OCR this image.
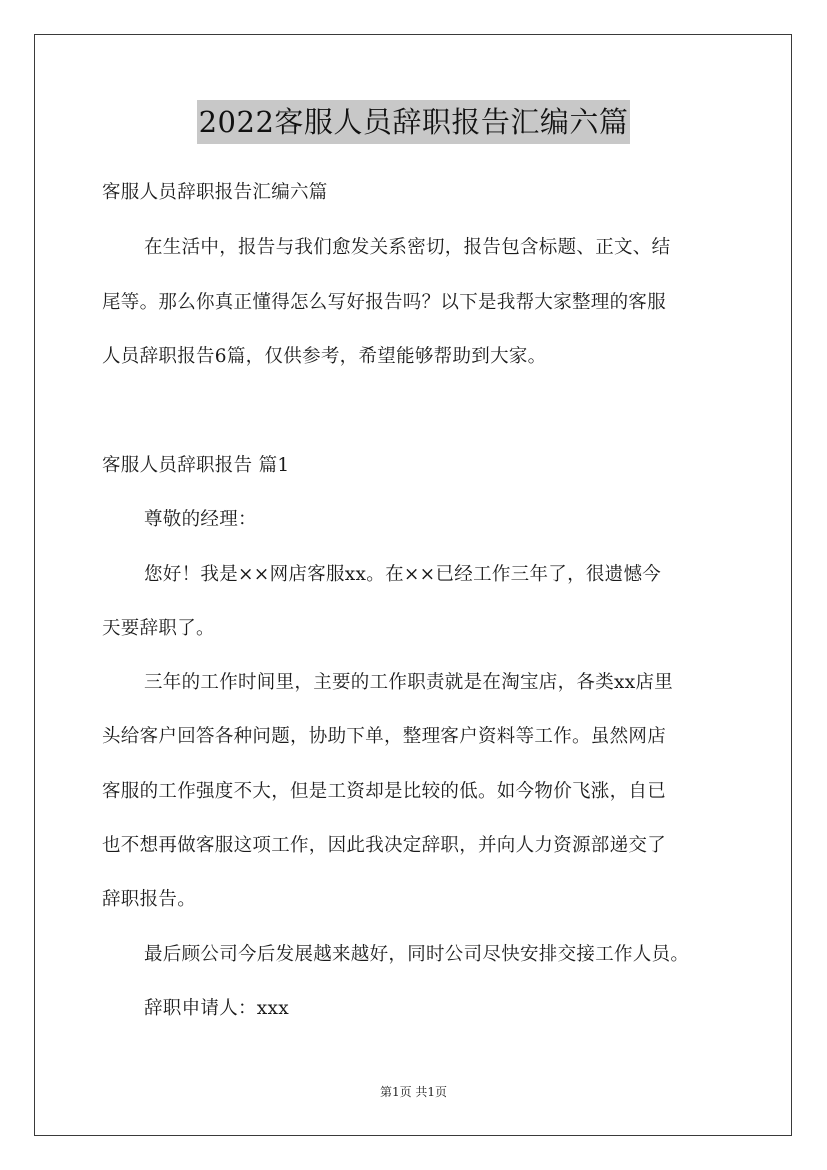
2022客服人员辞职报告汇编六篇
客服人员辞职报告汇编六篇
在生活中，报告与我们愈发关系密切，报告包含标题、正文、结
尾等。那么你真正懂得怎么写好报告吗？以下是我帮大家整理的客服
人员辞职报告6篇，仅供参考，希望能够帮助到大家。
客服人员辞职报告 篇1
尊敬的经理：
您好！我是××网店客服xx。在××已经工作三年了，很遗憾今
天要辞职了。
三年的工作时间里，主要的工作职责就是在淘宝店，各类xx店里
头给客户回答各种问题，协助下单，整理客户资料等工作。虽然网店
客服的工作强度不大，但是工资却是比较的低。如今物价飞涨，自已
也不想再做客服这项工作，因此我决定辞职，并向人力资源部递交了
辞职报告。
最后顾公司今后发展越来越好，同时公司尽快安排交接工作人员。
辞职申请人：xxx
第1页 共1页
